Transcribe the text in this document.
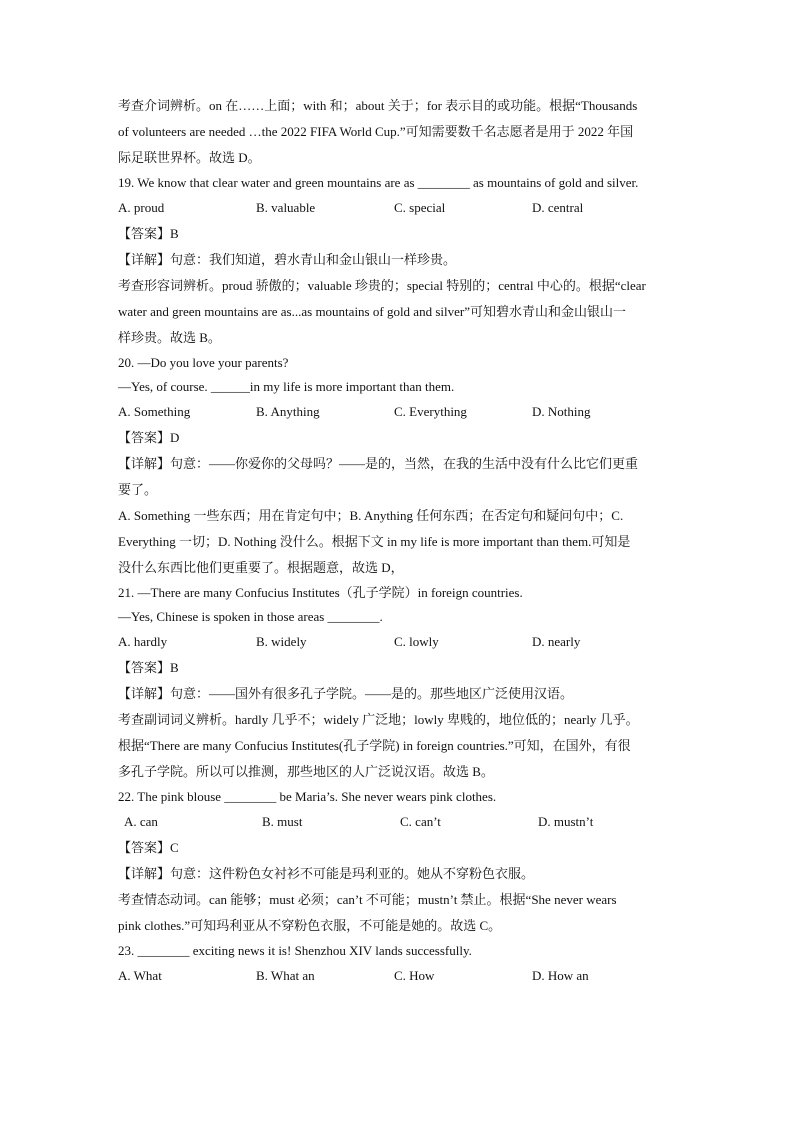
考查介词辨析。on 在……上面；with 和；about 关于；for 表示目的或功能。根据“Thousands
of volunteers are needed …the 2022 FIFA World Cup.”可知需要数千名志愿者是用于 2022 年国
际足联世界杯。故选 D。
19. We know that clear water and green mountains are as ________ as mountains of gold and silver.
A. proud	B. valuable	C. special	D. central
【答案】B
【详解】句意：我们知道，碧水青山和金山银山一样珍贵。
考查形容词辨析。proud 骄傲的；valuable 珍贵的；special 特别的；central 中心的。根据“clear
water and green mountains are as...as mountains of gold and silver”可知碧水青山和金山银山一
样珍贵。故选 B。
20. —Do you love your parents?
—Yes, of course. ______in my life is more important than them.
A. Something	B. Anything	C. Everything	D. Nothing
【答案】D
【详解】句意：——你爱你的父母吗？——是的，当然，在我的生活中没有什么比它们更重
要了。
A. Something 一些东西；用在肯定句中；B. Anything 任何东西；在否定句和疑问句中；C.
Everything 一切；D. Nothing 没什么。根据下文 in my life is more important than them.可知是
没什么东西比他们更重要了。根据题意，故选 D，
21. —There are many Confucius Institutes（孔子学院）in foreign countries.
—Yes, Chinese is spoken in those areas ________.
A. hardly	B. widely	C. lowly	D. nearly
【答案】B
【详解】句意：——国外有很多孔子学院。——是的。那些地区广泛使用汉语。
考查副词词义辨析。hardly 几乎不；widely 广泛地；lowly 卑贱的，地位低的；nearly 几乎。
根据“There are many Confucius Institutes(孔子学院) in foreign countries.”可知，在国外，有很
多孔子学院。所以可以推测，那些地区的人广泛说汉语。故选 B。
22. The pink blouse ________ be Maria’s. She never wears pink clothes.
A. can	B. must	C. can’t	D. mustn’t
【答案】C
【详解】句意：这件粉色女衬衫不可能是玛利亚的。她从不穿粉色衣服。
考查情态动词。can 能够；must 必须；can’t 不可能；mustn’t 禁止。根据“She never wears
pink clothes.”可知玛利亚从不穿粉色衣服，不可能是她的。故选 C。
23. ________ exciting news it is! Shenzhou XIV lands successfully.
A. What	B. What an	C. How	D. How an
